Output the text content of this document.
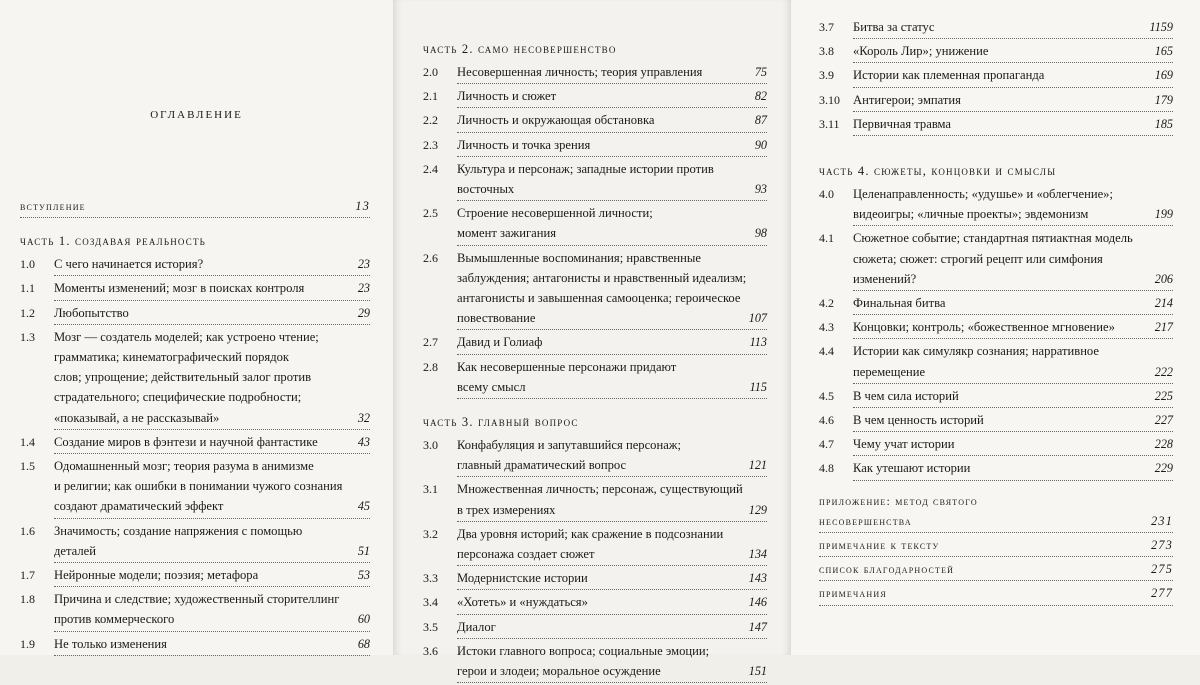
оглавление
вступление	13
часть 1. создавая реальность
1.0	С чего начинается история?	23
1.1	Моменты изменений; мозг в поисках контроля	23
1.2	Любопытство	29
1.3	Мозг — создатель моделей; как устроено чтение;
грамматика; кинематографический порядок
слов; упрощение; действительный залог против
страдательного; специфические подробности;
«показывай, а не рассказывай»	32
1.4	Создание миров в фэнтези и научной фантастике	43
1.5	Одомашненный мозг; теория разума в анимизме
и религии; как ошибки в понимании чужого сознания
создают драматический эффект	45
1.6	Значимость; создание напряжения с помощью
деталей	51
1.7	Нейронные модели; поэзия; метафора	53
1.8	Причина и следствие; художественный сторителлинг
против коммерческого	60
1.9	Не только изменения	68
часть 2. само несовершенство
2.0	Несовершенная личность; теория управления	75
2.1	Личность и сюжет	82
2.2	Личность и окружающая обстановка	87
2.3	Личность и точка зрения	90
2.4	Культура и персонаж; западные истории против
восточных	93
2.5	Строение несовершенной личности;
момент зажигания	98
2.6	Вымышленные воспоминания; нравственные
заблуждения; антагонисты и нравственный идеализм;
антагонисты и завышенная самооценка; героическое
повествование	107
2.7	Давид и Голиаф	113
2.8	Как несовершенные персонажи придают
всему смысл	115
часть 3. главный вопрос
3.0	Конфабуляция и запутавшийся персонаж;
главный драматический вопрос	121
3.1	Множественная личность; персонаж, существующий
в трех измерениях	129
3.2	Два уровня историй; как сражение в подсознании
персонажа создает сюжет	134
3.3	Модернистские истории	143
3.4	«Хотеть» и «нуждаться»	146
3.5	Диалог	147
3.6	Истоки главного вопроса; социальные эмоции;
герои и злодеи; моральное осуждение	151
3.7	Битва за статус	1159
3.8	«Король Лир»; унижение	165
3.9	Истории как племенная пропаганда	169
3.10	Антигерои; эмпатия	179
3.11	Первичная травма	185
часть 4. сюжеты, концовки и смыслы
4.0	Целенаправленность; «удушье» и «облегчение»;
видеоигры; «личные проекты»; эвдемонизм	199
4.1	Сюжетное событие; стандартная пятиактная модель
сюжета; сюжет: строгий рецепт или симфония
изменений?	206
4.2	Финальная битва	214
4.3	Концовки; контроль; «божественное мгновение»	217
4.4	Истории как симулякр сознания; нарративное
перемещение	222
4.5	В чем сила историй	225
4.6	В чем ценность историй	227
4.7	Чему учат истории	228
4.8	Как утешают истории	229
приложение: метод святого
несовершенства	231
примечание к тексту	273
список благодарностей	275
примечания	277
